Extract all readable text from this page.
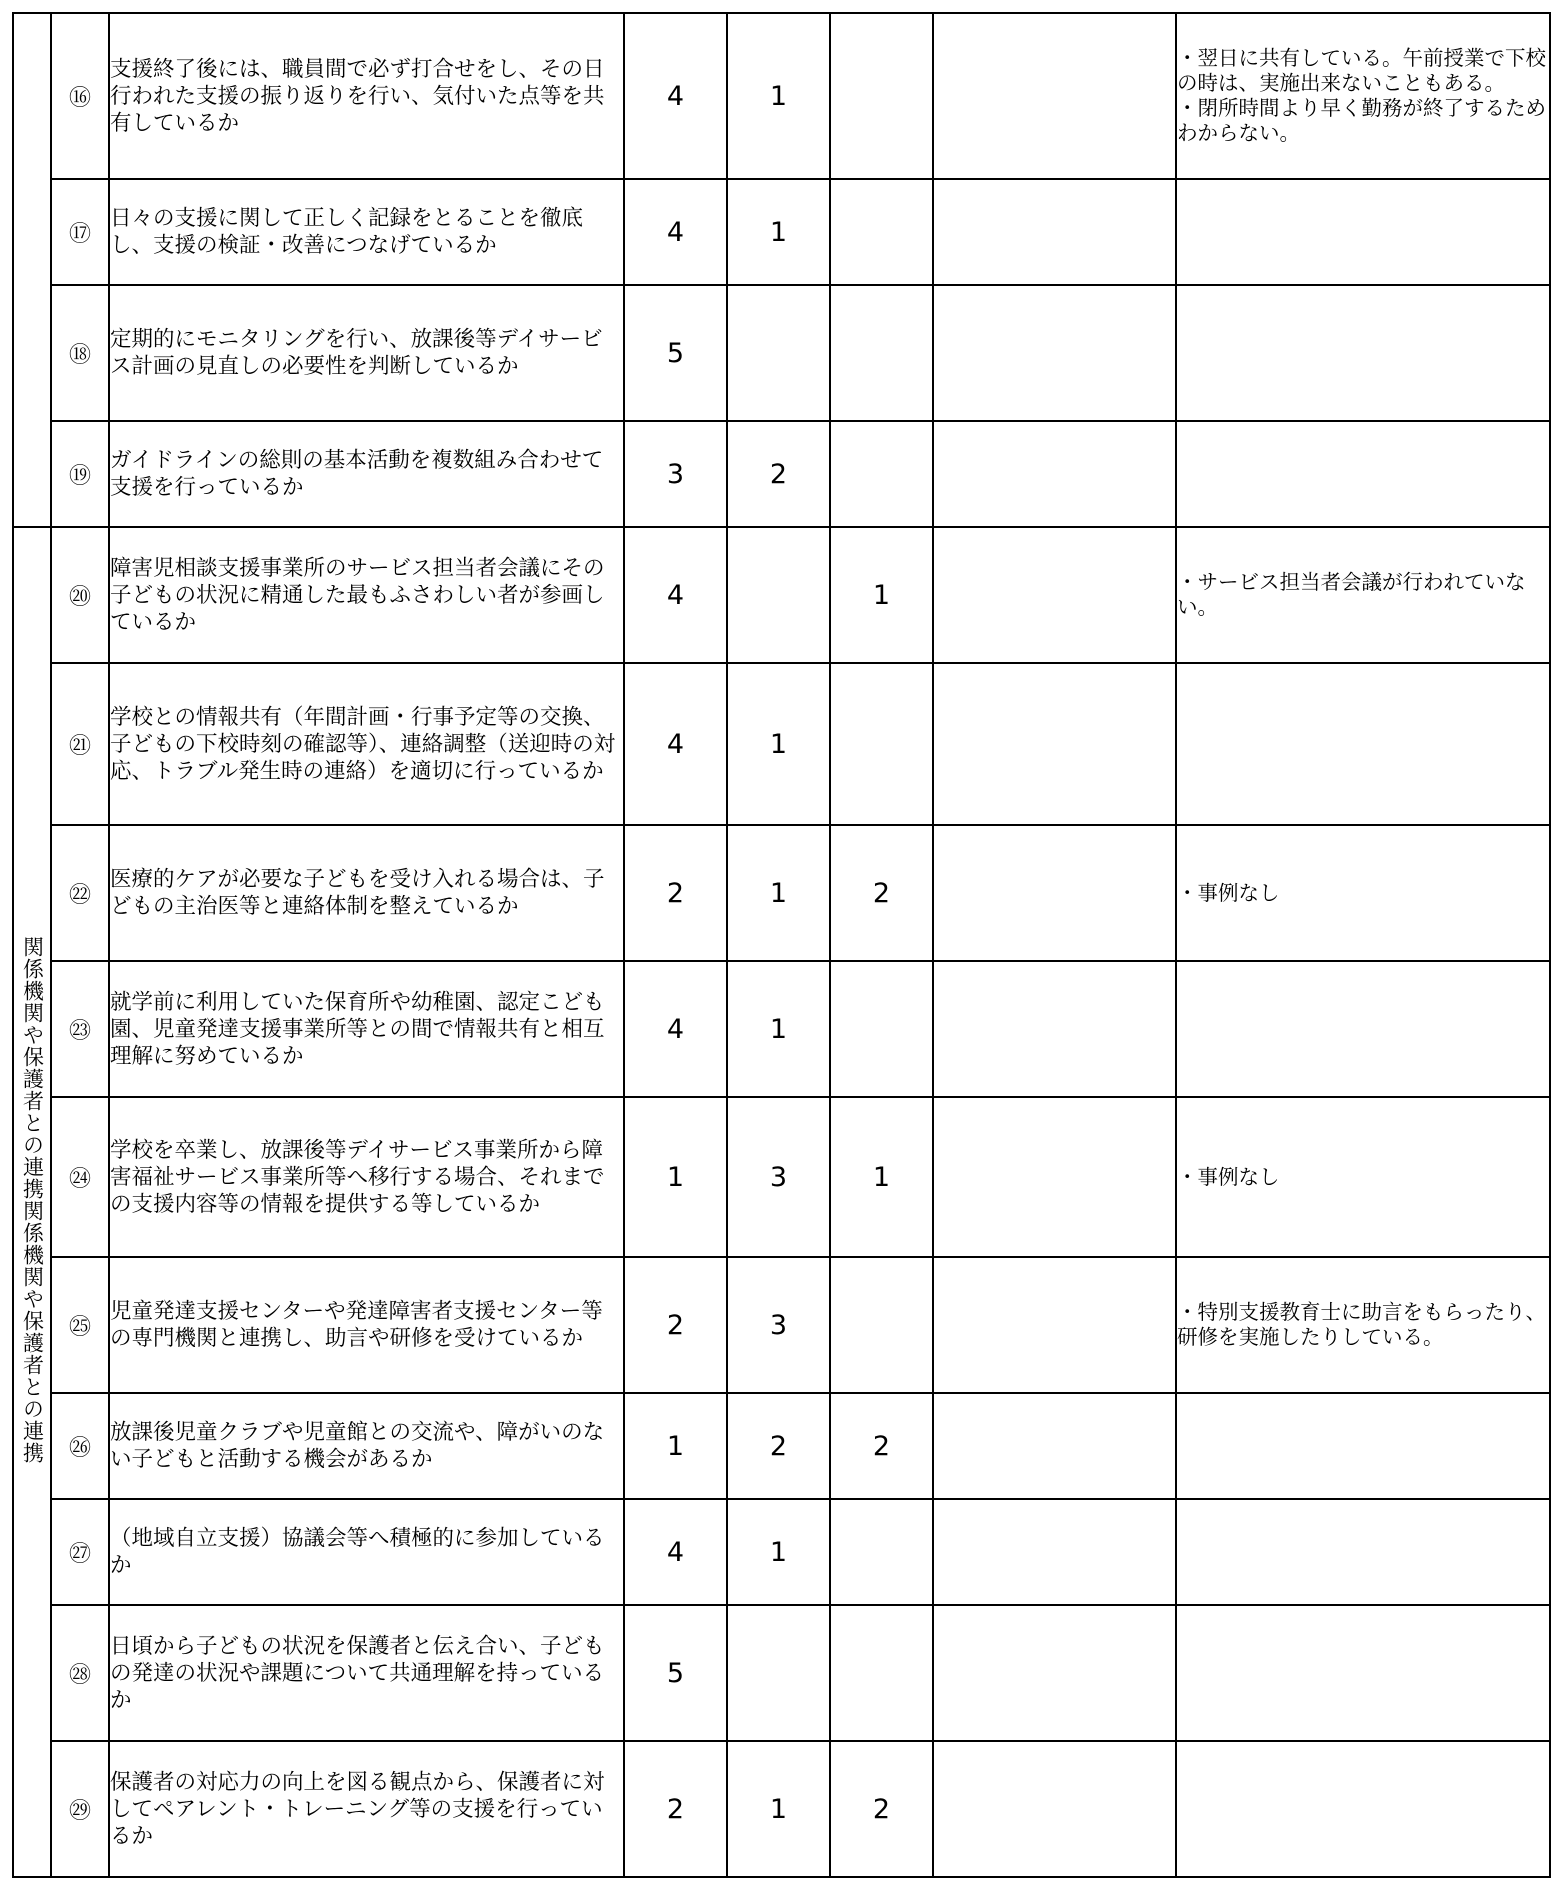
	⑯	支援終了後には、職員間で必ず打合せをし、その日行われた支援の振り返りを行い、気付いた点等を共有しているか	4	1			・翌日に共有している。午前授業で下校の時は、実施出来ないこともある。
・閉所時間より早く勤務が終了するためわからない。

	⑰	日々の支援に関して正しく記録をとることを徹底し、支援の検証・改善につなげているか	4	1			

	⑱	定期的にモニタリングを行い、放課後等デイサービス計画の見直しの必要性を判断しているか	5				

	⑲	ガイドラインの総則の基本活動を複数組み合わせて支援を行っているか	3	2			

関係機関や保護者との連携関係機関や保護者との連携	⑳	障害児相談支援事業所のサービス担当者会議にその子どもの状況に精通した最もふさわしい者が参画しているか	4		1		・サービス担当者会議が行われていない。

	㉑	学校との情報共有（年間計画・行事予定等の交換、子どもの下校時刻の確認等）、連絡調整（送迎時の対応、トラブル発生時の連絡）を適切に行っているか	4	1			

	㉒	医療的ケアが必要な子どもを受け入れる場合は、子どもの主治医等と連絡体制を整えているか	2	1	2		・事例なし

	㉓	就学前に利用していた保育所や幼稚園、認定こども園、児童発達支援事業所等との間で情報共有と相互理解に努めているか	4	1			

	㉔	学校を卒業し、放課後等デイサービス事業所から障害福祉サービス事業所等へ移行する場合、それまでの支援内容等の情報を提供する等しているか	1	3	1		・事例なし

	㉕	児童発達支援センターや発達障害者支援センター等の専門機関と連携し、助言や研修を受けているか	2	3			・特別支援教育士に助言をもらったり、研修を実施したりしている。

	㉖	放課後児童クラブや児童館との交流や、障がいのない子どもと活動する機会があるか	1	2	2		

	㉗	（地域自立支援）協議会等へ積極的に参加しているか	4	1			

	㉘	日頃から子どもの状況を保護者と伝え合い、子どもの発達の状況や課題について共通理解を持っているか	5				

	㉙	保護者の対応力の向上を図る観点から、保護者に対してペアレント・トレーニング等の支援を行っているか	2	1	2		
